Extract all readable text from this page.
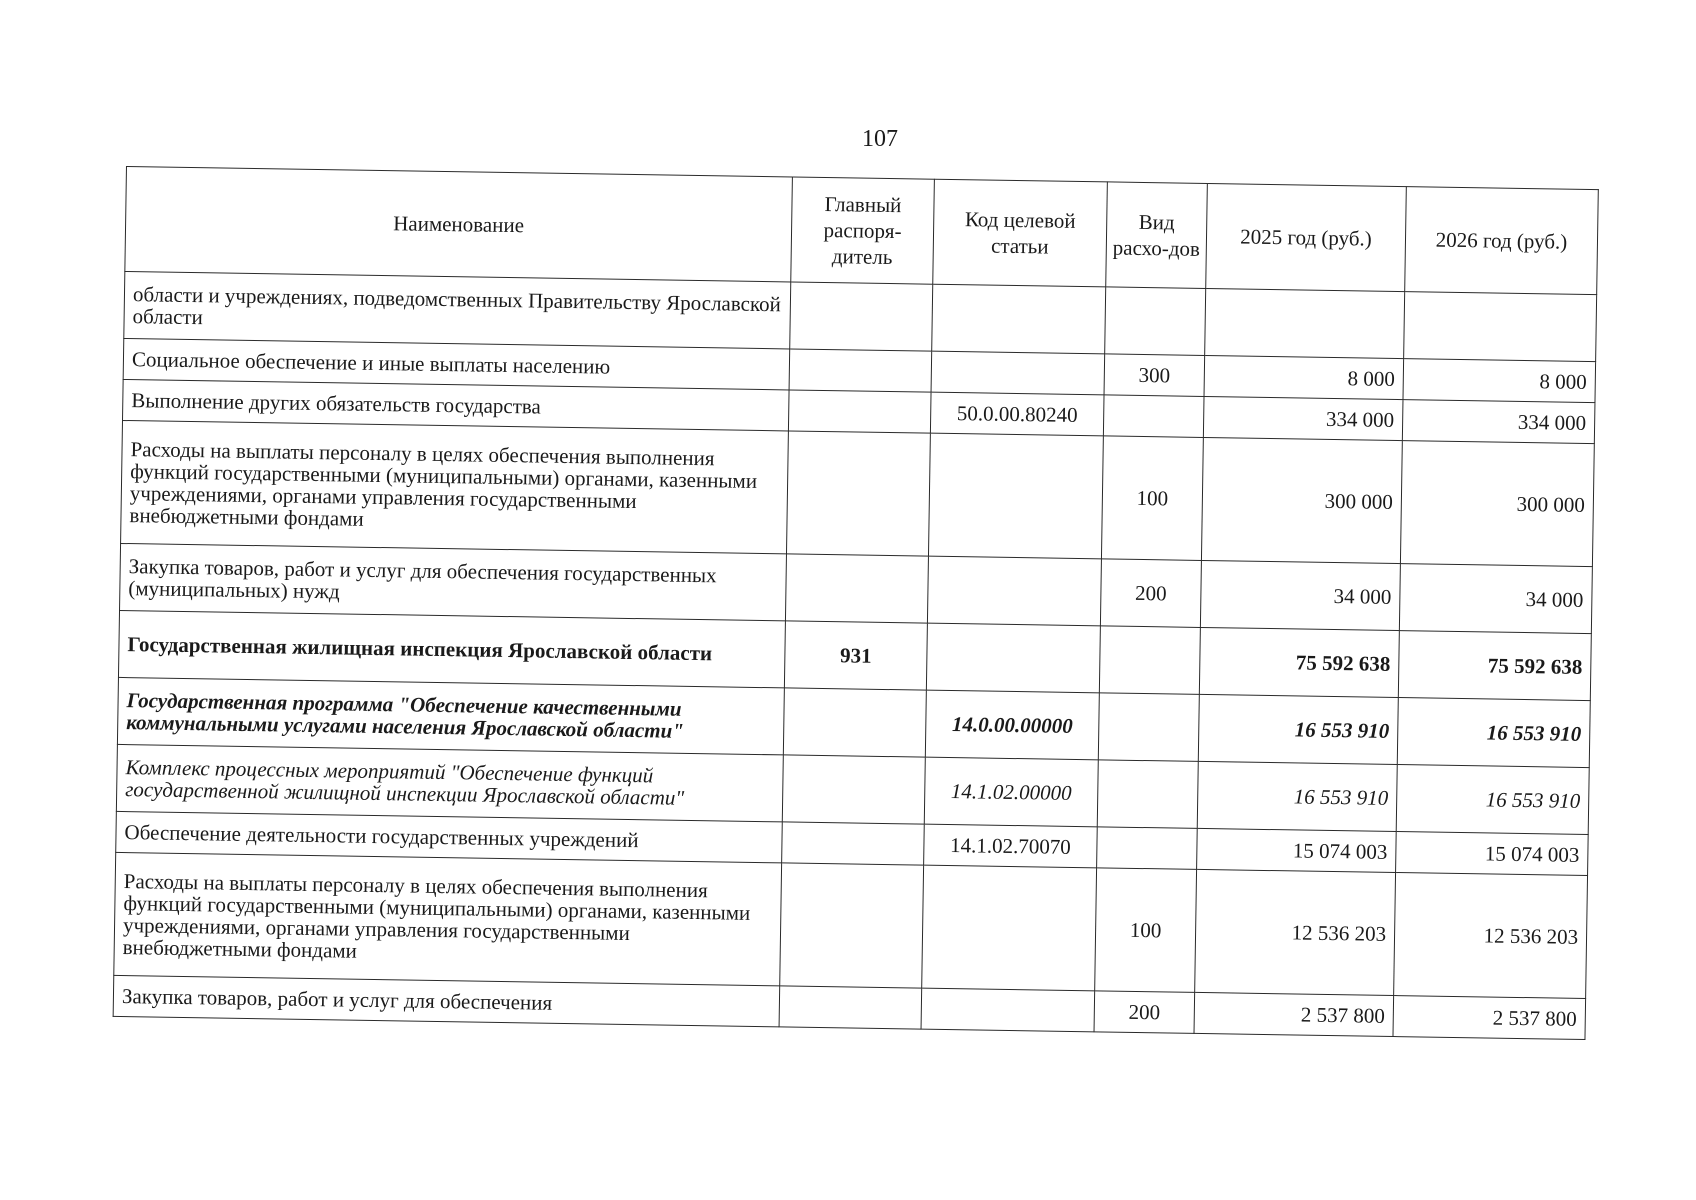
107
Наименование	Главный распоря-дитель	Код целевой статьи	Вид расхо-дов	2025 год (руб.)	2026 год (руб.)
области и учреждениях, подведомственных Правительству Ярославской области					
Социальное обеспечение и иные выплаты населению			300	8 000	8 000
Выполнение других обязательств государства		50.0.00.80240		334 000	334 000
Расходы на выплаты персоналу в целях обеспечения выполнения функций государственными (муниципальными) органами, казенными учреждениями, органами управления государственными внебюджетными фондами			100	300 000	300 000
Закупка товаров, работ и услуг для обеспечения государственных (муниципальных) нужд			200	34 000	34 000
Государственная жилищная инспекция Ярославской области	931			75 592 638	75 592 638
Государственная программа "Обеспечение качественными коммунальными услугами населения Ярославской области"		14.0.00.00000		16 553 910	16 553 910
Комплекс процессных мероприятий "Обеспечение функций государственной жилищной инспекции Ярославской области"		14.1.02.00000		16 553 910	16 553 910
Обеспечение деятельности государственных учреждений		14.1.02.70070		15 074 003	15 074 003
Расходы на выплаты персоналу в целях обеспечения выполнения функций государственными (муниципальными) органами, казенными учреждениями, органами управления государственными внебюджетными фондами			100	12 536 203	12 536 203
Закупка товаров, работ и услуг для обеспечения			200	2 537 800	2 537 800
